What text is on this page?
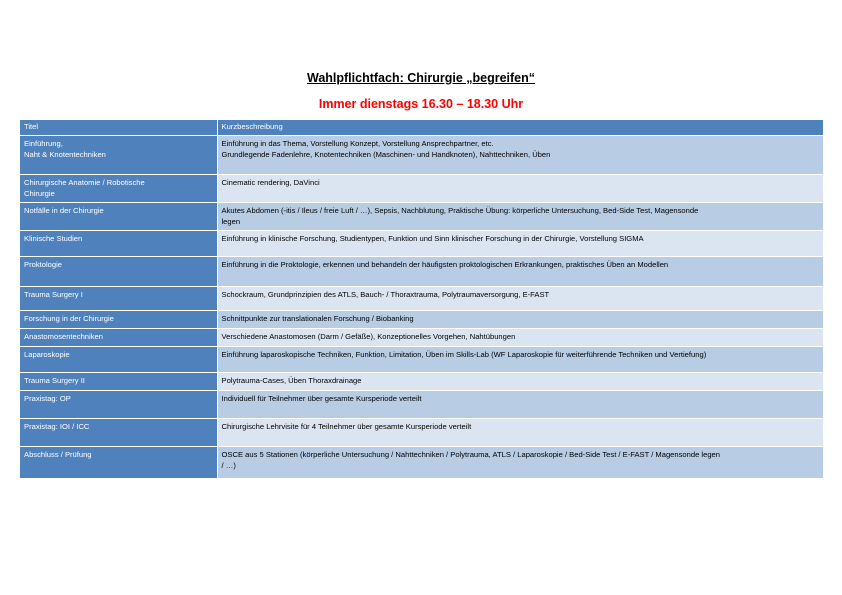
Wahlpflichtfach: Chirurgie „begreifen“
Immer dienstags 16.30 – 18.30 Uhr
Titel	Kurzbeschreibung

Einführung,
Naht & Knotentechniken	Einführung in das Thema, Vorstellung Konzept, Vorstellung Ansprechpartner, etc.
Grundlegende Fadenlehre, Knotentechniken (Maschinen- und Handknoten), Nahttechniken, Üben

Chirurgische Anatomie / Robotische
Chirurgie	Cinematic rendering, DaVinci

Notfälle in der Chirurgie	Akutes Abdomen (-itis / Ileus / freie Luft / …), Sepsis, Nachblutung, Praktische Übung: körperliche Untersuchung, Bed-Side Test, Magensonde
legen

Klinische Studien	Einführung in klinische Forschung, Studientypen, Funktion und Sinn klinischer Forschung in der Chirurgie, Vorstellung SIGMA

Proktologie	Einführung in die Proktologie, erkennen und behandeln der häufigsten proktologischen Erkrankungen, praktisches Üben an Modellen

Trauma Surgery I	Schockraum, Grundprinzipien des ATLS, Bauch- / Thoraxtrauma, Polytraumaversorgung, E-FAST

Forschung in der Chirurgie	Schnittpunkte zur translationalen Forschung / Biobanking

Anastomosentechniken	Verschiedene Anastomosen (Darm / Gefäße), Konzeptionelles Vorgehen, Nahtübungen

Laparoskopie	Einführung laparoskopische Techniken, Funktion, Limitation, Üben im Skills-Lab (WF Laparoskopie für weiterführende Techniken und Vertiefung)

Trauma Surgery II	Polytrauma-Cases, Üben Thoraxdrainage

Praxistag: OP	Individuell für Teilnehmer über gesamte Kursperiode verteilt

Praxistag: IOI / ICC	Chirurgische Lehrvisite für 4 Teilnehmer über gesamte Kursperiode verteilt

Abschluss / Prüfung	OSCE aus 5 Stationen (körperliche Untersuchung / Nahttechniken / Polytrauma, ATLS / Laparoskopie / Bed-Side Test / E-FAST / Magensonde legen
/ …)
